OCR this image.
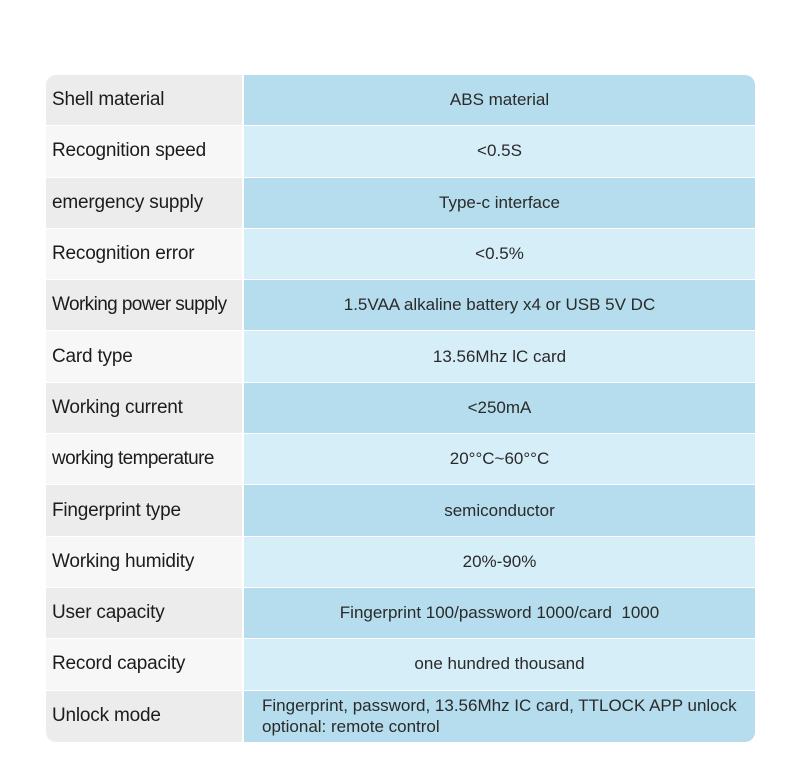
Shell material	ABS material
Recognition speed	<0.5S
emergency supply	Type-c interface
Recognition error	<0.5%
Working power supply	1.5VAA alkaline battery x4 or USB 5V DC
Card type	13.56Mhz lC card
Working current	<250mA
working temperature	20°°C~60°°C
Fingerprint type	semiconductor
Working humidity	20%-90%
User capacity	Fingerprint 100/password 1000/card  1000
Record capacity	one hundred thousand
Unlock mode	Fingerprint, password, 13.56Mhz IC card, TTLOCK APP unlock
optional: remote control
